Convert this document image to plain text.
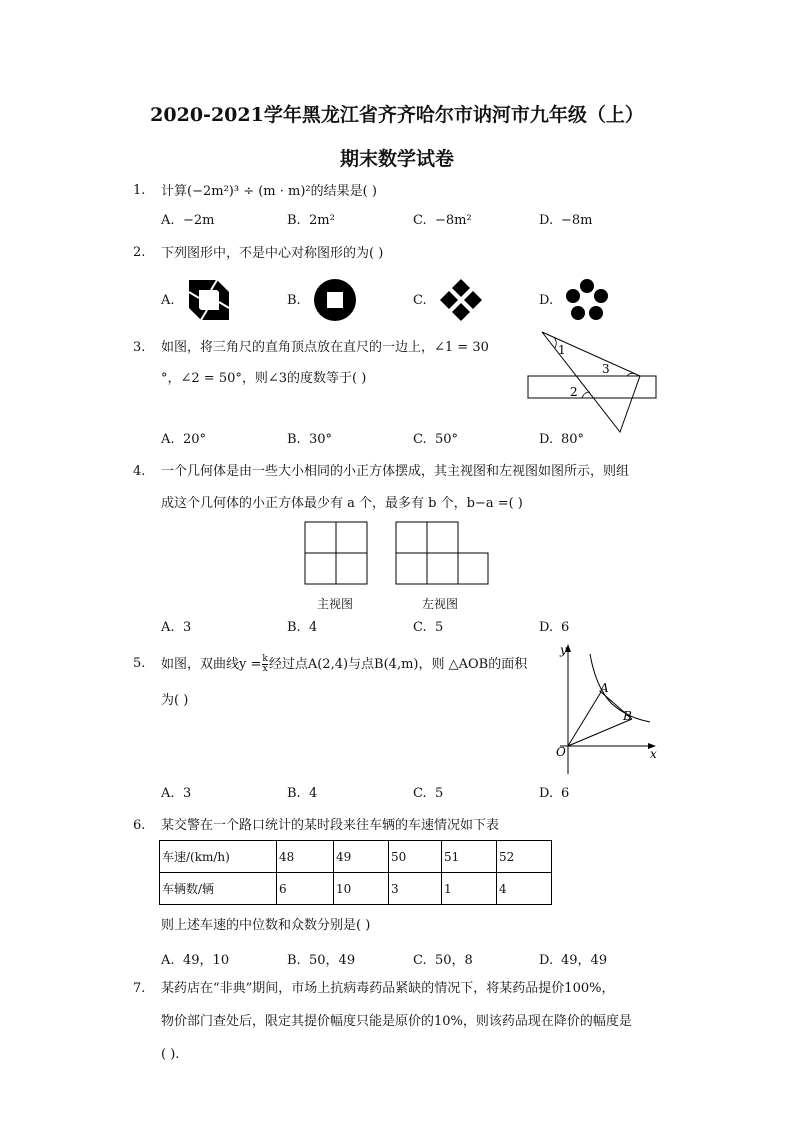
2020-2021学年黑龙江省齐齐哈尔市讷河市九年级（上）
期末数学试卷
1. 计算(−2m²)³ ÷ (m · m)²的结果是( )
A. −2m	B. 2m²	C. −8m²	D. −8m
2. 下列图形中，不是中心对称图形的为( )
A.	B.	C.	D.
3. 如图，将三角尺的直角顶点放在直尺的一边上，∠1 = 30
°，∠2 = 50°，则∠3的度数等于( )
1
2
3
A. 20°	B. 30°	C. 50°	D. 80°
4. 一个几何体是由一些大小相同的小正方体摆成，其主视图和左视图如图所示，则组
成这个几何体的小正方体最少有 a 个，最多有 b 个，b−a =( )
主视图	左视图
A. 3	B. 4	C. 5	D. 6
5. 如图，双曲线$y = \frac{k}{x}$ 经过点A(2,4)与点B(4,m)，则 △AOB的面积
为( )
y
x
O
A
B
A. 3	B. 4	C. 5	D. 6
6. 某交警在一个路口统计的某时段来往车辆的车速情况如下表
车速/(km/h)	48	49	50	51	52
车辆数/辆	6	10	3	1	4
则上述车速的中位数和众数分别是( )
A. 49，10	B. 50，49	C. 50，8	D. 49，49
7. 某药店在“非典”期间，市场上抗病毒药品紧缺的情况下，将某药品提价100%，
物价部门查处后，限定其提价幅度只能是原价的10%，则该药品现在降价的幅度是
( ).
